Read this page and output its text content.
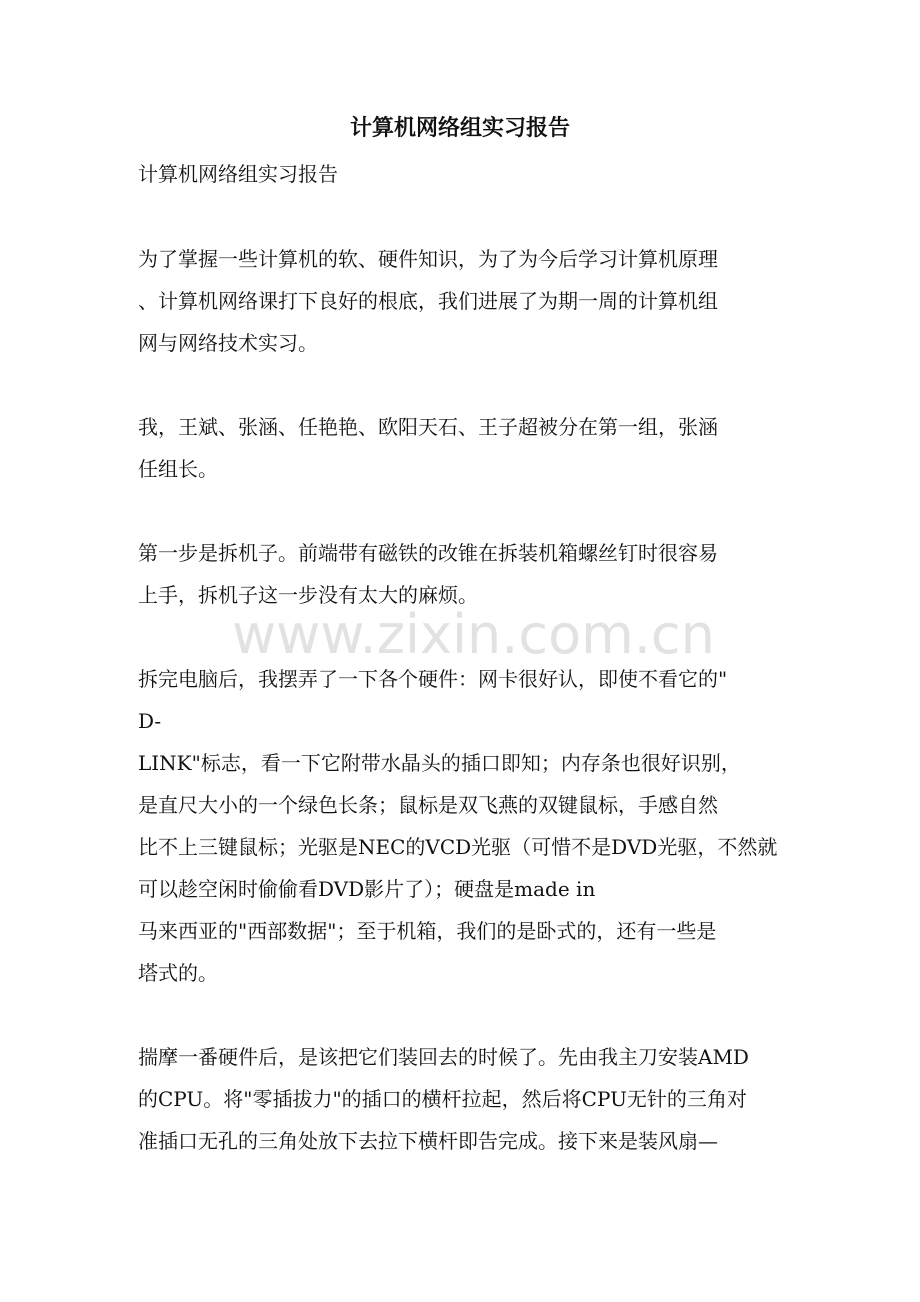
计算机网络组实习报告
计算机网络组实习报告
为了掌握一些计算机的软、硬件知识，为了为今后学习计算机原理
、计算机网络课打下良好的根底，我们进展了为期一周的计算机组
网与网络技术实习。
我，王斌、张涵、任艳艳、欧阳天石、王子超被分在第一组，张涵
任组长。
第一步是拆机子。前端带有磁铁的改锥在拆装机箱螺丝钉时很容易
上手，拆机子这一步没有太大的麻烦。
拆完电脑后，我摆弄了一下各个硬件：网卡很好认，即使不看它的"
D-
LINK"标志，看一下它附带水晶头的插口即知；内存条也很好识别，
是直尺大小的一个绿色长条；鼠标是双飞燕的双键鼠标，手感自然
比不上三键鼠标；光驱是NEC的VCD光驱（可惜不是DVD光驱，不然就
可以趁空闲时偷偷看DVD影片了）；硬盘是made in
马来西亚的"西部数据"；至于机箱，我们的是卧式的，还有一些是
塔式的。
揣摩一番硬件后，是该把它们装回去的时候了。先由我主刀安装AMD
的CPU。将"零插拔力"的插口的横杆拉起，然后将CPU无针的三角对
准插口无孔的三角处放下去拉下横杆即告完成。接下来是装风扇—
www.zixin.com.cn
